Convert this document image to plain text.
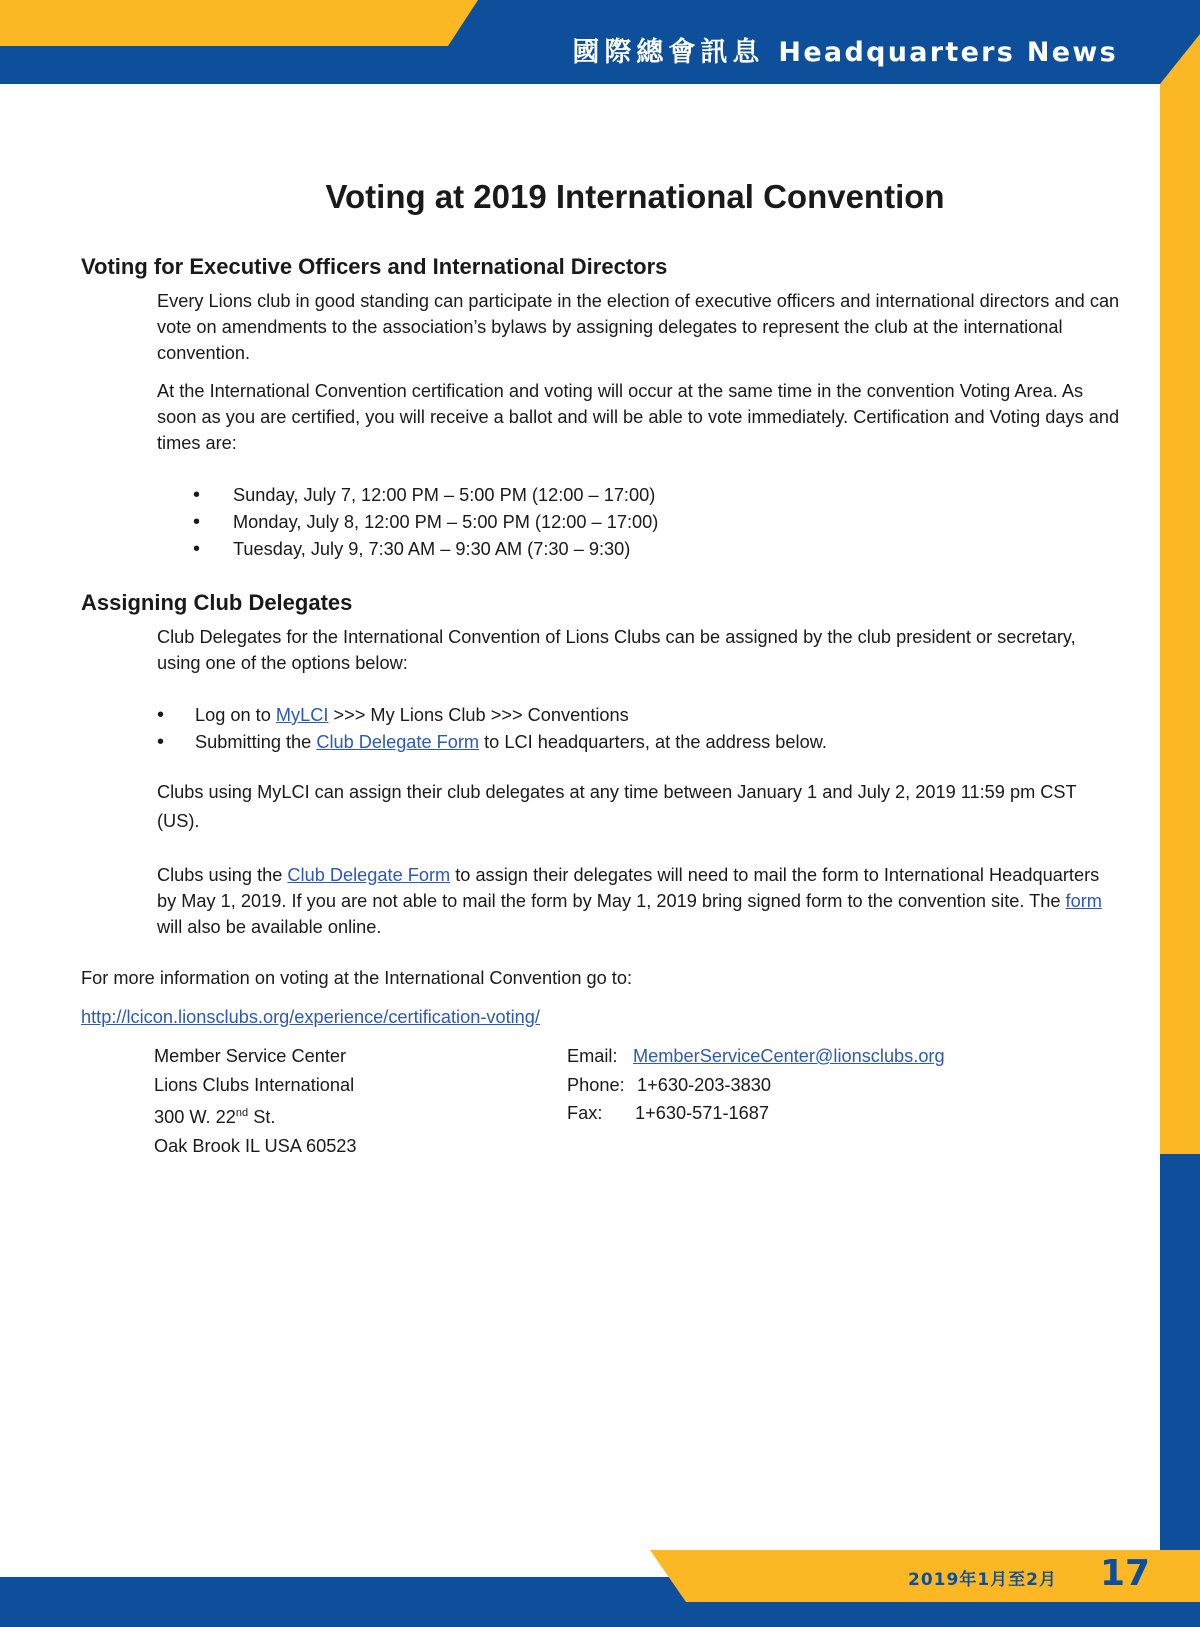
國際總會訊息 Headquarters News
2019年1月至2月 17
Voting at 2019 International Convention
Voting for Executive Officers and International Directors
Every Lions club in good standing can participate in the election of executive officers and international directors and can vote on amendments to the association’s bylaws by assigning delegates to represent the club at the international convention.
At the International Convention certification and voting will occur at the same time in the convention Voting Area. As soon as you are certified, you will receive a ballot and will be able to vote immediately. Certification and Voting days and times are:
• Sunday, July 7, 12:00 PM – 5:00 PM (12:00 – 17:00)
• Monday, July 8, 12:00 PM – 5:00 PM (12:00 – 17:00)
• Tuesday, July 9, 7:30 AM – 9:30 AM (7:30 – 9:30)
Assigning Club Delegates
Club Delegates for the International Convention of Lions Clubs can be assigned by the club president or secretary, using one of the options below:
• Log on to MyLCI >>> My Lions Club >>> Conventions
• Submitting the Club Delegate Form to LCI headquarters, at the address below.
Clubs using MyLCI can assign their club delegates at any time between January 1 and July 2, 2019 11:59 pm CST (US).
Clubs using the Club Delegate Form to assign their delegates will need to mail the form to International Headquarters by May 1, 2019. If you are not able to mail the form by May 1, 2019 bring signed form to the convention site. The form will also be available online.
For more information on voting at the International Convention go to:
http://lcicon.lionsclubs.org/experience/certification-voting/
Member Service Center
Lions Clubs International
300 W. 22nd St.
Oak Brook IL USA 60523
Email: MemberServiceCenter@lionsclubs.org
Phone: 1+630-203-3830
Fax: 1+630-571-1687
